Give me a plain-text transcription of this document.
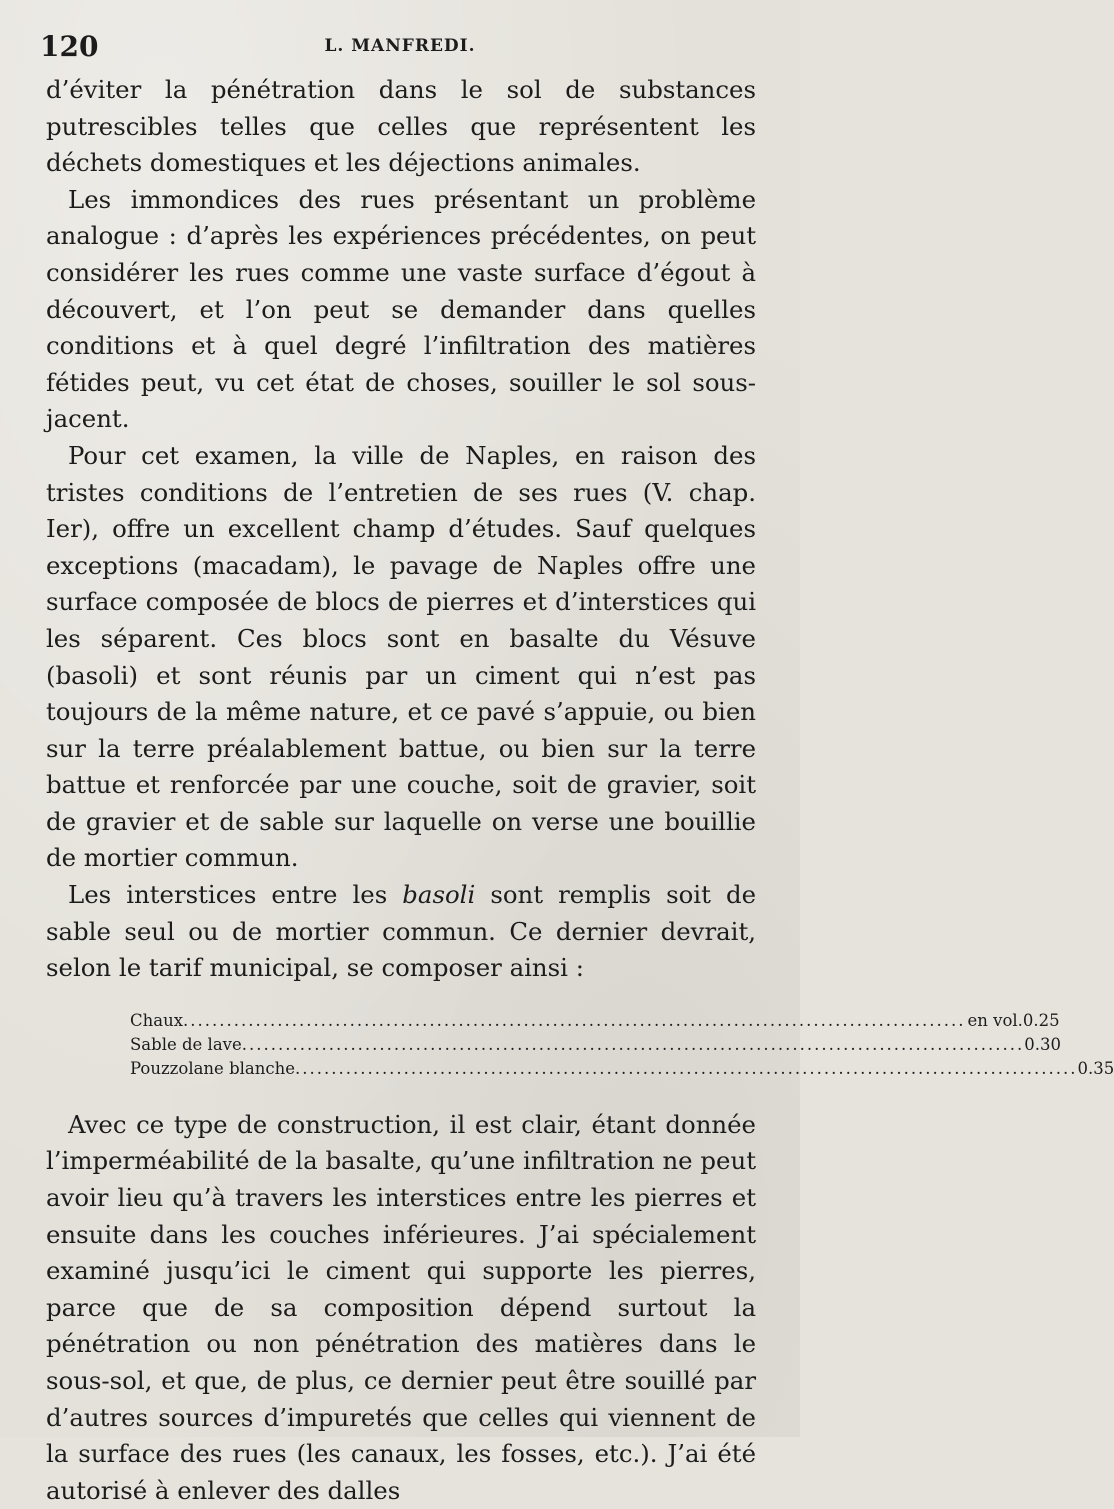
120	L. MANFREDI.

d’éviter la pénétration dans le sol de substances putrescibles telles que celles que représentent les déchets domestiques et les déjections animales.

Les immondices des rues présentant un problème analogue : d’après les expériences précédentes, on peut considérer les rues comme une vaste surface d’égout à découvert, et l’on peut se demander dans quelles conditions et à quel degré l’infiltration des matières fétides peut, vu cet état de choses, souiller le sol sous-jacent.

Pour cet examen, la ville de Naples, en raison des tristes conditions de l’entretien de ses rues (V. chap. Ier), offre un excellent champ d’études. Sauf quelques exceptions (macadam), le pavage de Naples offre une surface composée de blocs de pierres et d’interstices qui les séparent. Ces blocs sont en basalte du Vésuve (basoli) et sont réunis par un ciment qui n’est pas toujours de la même nature, et ce pavé s’appuie, ou bien sur la terre préalablement battue, ou bien sur la terre battue et renforcée par une couche, soit de gravier, soit de gravier et de sable sur laquelle on verse une bouillie de mortier commun.

Les interstices entre les basoli sont remplis soit de sable seul ou de mortier commun. Ce dernier devrait, selon le tarif municipal, se composer ainsi :

Chaux ............................................................................................................ en vol. 0.25
Sable de lave ............................................................................................................ 0.30
Pouzzolane blanche ............................................................................................................ 0.35

Avec ce type de construction, il est clair, étant donnée l’imperméabilité de la basalte, qu’une infiltration ne peut avoir lieu qu’à travers les interstices entre les pierres et ensuite dans les couches inférieures. J’ai spécialement examiné jusqu’ici le ciment qui supporte les pierres, parce que de sa composition dépend surtout la pénétration ou non pénétration des matières dans le sous-sol, et que, de plus, ce dernier peut être souillé par d’autres sources d’impuretés que celles qui viennent de la surface des rues (les canaux, les fosses, etc.). J’ai été autorisé à enlever des dalles
